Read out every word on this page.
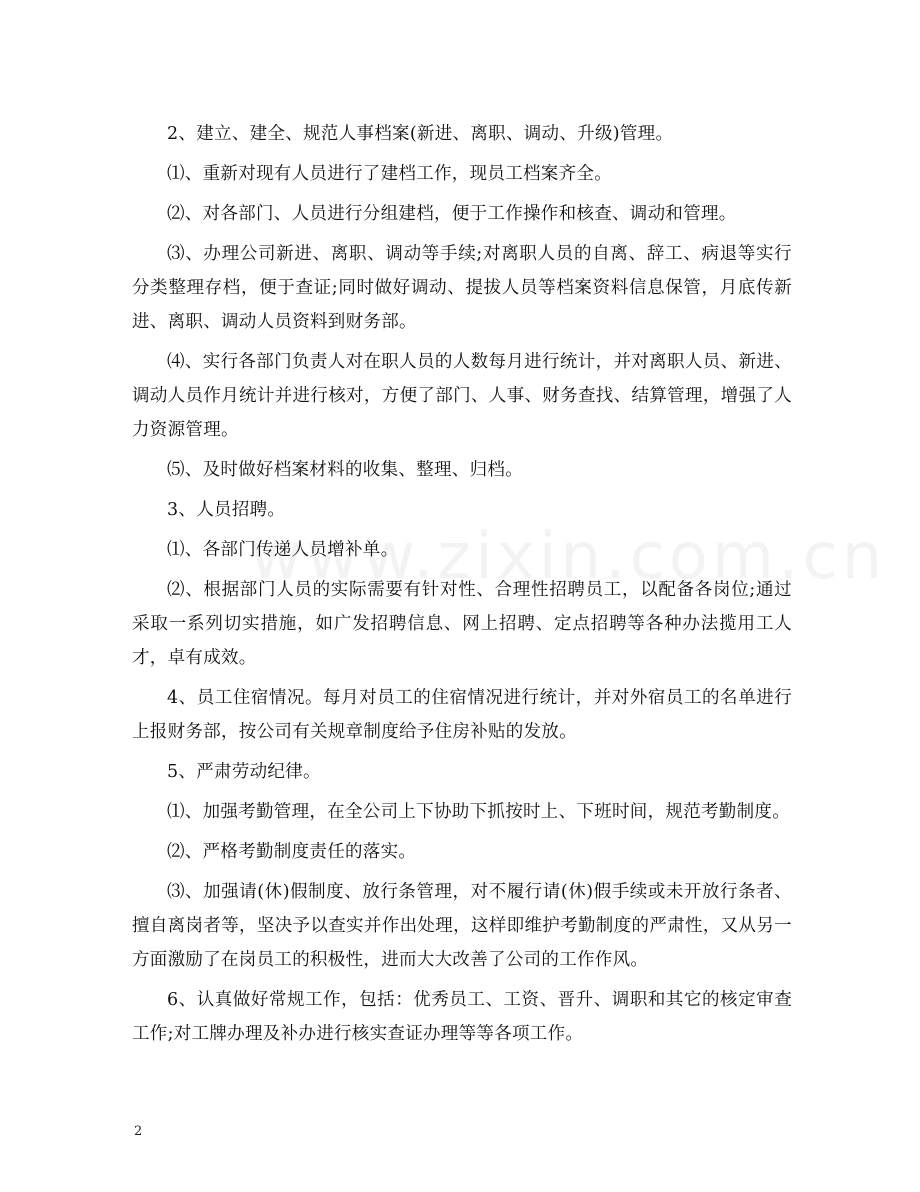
2、建立、建全、规范人事档案(新进、离职、调动、升级)管理。

⑴、重新对现有人员进行了建档工作，现员工档案齐全。

⑵、对各部门、人员进行分组建档，便于工作操作和核查、调动和管理。

⑶、办理公司新进、离职、调动等手续;对离职人员的自离、辞工、病退等实行分类整理存档，便于查证;同时做好调动、提拔人员等档案资料信息保管，月底传新进、离职、调动人员资料到财务部。

⑷、实行各部门负责人对在职人员的人数每月进行统计，并对离职人员、新进、调动人员作月统计并进行核对，方便了部门、人事、财务查找、结算管理，增强了人力资源管理。

⑸、及时做好档案材料的收集、整理、归档。

3、人员招聘。

⑴、各部门传递人员增补单。

⑵、根据部门人员的实际需要有针对性、合理性招聘员工，以配备各岗位;通过采取一系列切实措施，如广发招聘信息、网上招聘、定点招聘等各种办法揽用工人才，卓有成效。

4、员工住宿情况。每月对员工的住宿情况进行统计，并对外宿员工的名单进行上报财务部，按公司有关规章制度给予住房补贴的发放。

5、严肃劳动纪律。

⑴、加强考勤管理，在全公司上下协助下抓按时上、下班时间，规范考勤制度。

⑵、严格考勤制度责任的落实。

⑶、加强请(休)假制度、放行条管理，对不履行请(休)假手续或未开放行条者、擅自离岗者等，坚决予以查实并作出处理，这样即维护考勤制度的严肃性，又从另一方面激励了在岗员工的积极性，进而大大改善了公司的工作作风。

6、认真做好常规工作，包括：优秀员工、工资、晋升、调职和其它的核定审查工作;对工牌办理及补办进行核实查证办理等等各项工作。

2
